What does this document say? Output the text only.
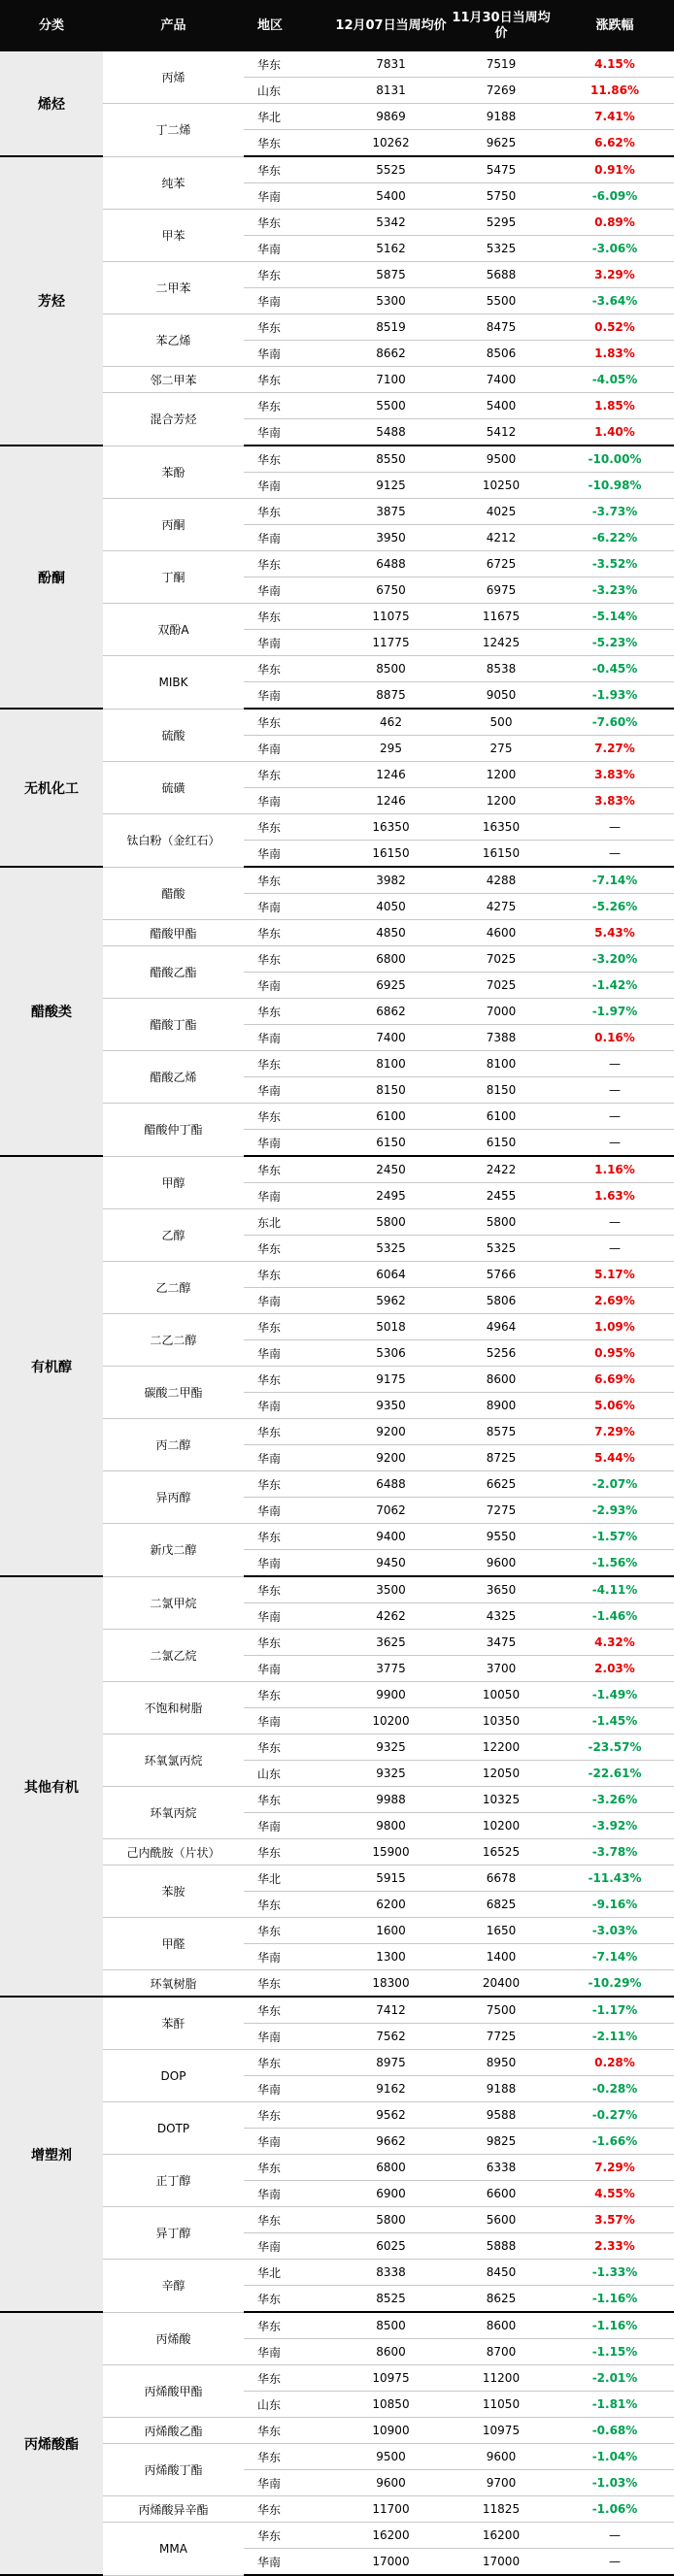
分类	产品	地区	12月07日当周均价	11月30日当周均价	涨跌幅
烯烃	丙烯	华东	7831	7519	4.15%
		山东	8131	7269	11.86%
	丁二烯	华北	9869	9188	7.41%
		华东	10262	9625	6.62%
芳烃	纯苯	华东	5525	5475	0.91%
		华南	5400	5750	-6.09%
	甲苯	华东	5342	5295	0.89%
		华南	5162	5325	-3.06%
	二甲苯	华东	5875	5688	3.29%
		华南	5300	5500	-3.64%
	苯乙烯	华东	8519	8475	0.52%
		华南	8662	8506	1.83%
	邻二甲苯	华东	7100	7400	-4.05%
	混合芳烃	华东	5500	5400	1.85%
		华南	5488	5412	1.40%
酚酮	苯酚	华东	8550	9500	-10.00%
		华南	9125	10250	-10.98%
	丙酮	华东	3875	4025	-3.73%
		华南	3950	4212	-6.22%
	丁酮	华东	6488	6725	-3.52%
		华南	6750	6975	-3.23%
	双酚A	华东	11075	11675	-5.14%
		华南	11775	12425	-5.23%
	MIBK	华东	8500	8538	-0.45%
		华南	8875	9050	-1.93%
无机化工	硫酸	华东	462	500	-7.60%
		华南	295	275	7.27%
	硫磺	华东	1246	1200	3.83%
		华南	1246	1200	3.83%
	钛白粉（金红石）	华东	16350	16350	—
		华南	16150	16150	—
醋酸类	醋酸	华东	3982	4288	-7.14%
		华南	4050	4275	-5.26%
	醋酸甲酯	华东	4850	4600	5.43%
	醋酸乙酯	华东	6800	7025	-3.20%
		华南	6925	7025	-1.42%
	醋酸丁酯	华东	6862	7000	-1.97%
		华南	7400	7388	0.16%
	醋酸乙烯	华东	8100	8100	—
		华南	8150	8150	—
	醋酸仲丁酯	华东	6100	6100	—
		华南	6150	6150	—
有机醇	甲醇	华东	2450	2422	1.16%
		华南	2495	2455	1.63%
	乙醇	东北	5800	5800	—
		华东	5325	5325	—
	乙二醇	华东	6064	5766	5.17%
		华南	5962	5806	2.69%
	二乙二醇	华东	5018	4964	1.09%
		华南	5306	5256	0.95%
	碳酸二甲酯	华东	9175	8600	6.69%
		华南	9350	8900	5.06%
	丙二醇	华东	9200	8575	7.29%
		华南	9200	8725	5.44%
	异丙醇	华东	6488	6625	-2.07%
		华南	7062	7275	-2.93%
	新戊二醇	华东	9400	9550	-1.57%
		华南	9450	9600	-1.56%
其他有机	二氯甲烷	华东	3500	3650	-4.11%
		华南	4262	4325	-1.46%
	二氯乙烷	华东	3625	3475	4.32%
		华南	3775	3700	2.03%
	不饱和树脂	华东	9900	10050	-1.49%
		华南	10200	10350	-1.45%
	环氧氯丙烷	华东	9325	12200	-23.57%
		山东	9325	12050	-22.61%
	环氧丙烷	华东	9988	10325	-3.26%
		华南	9800	10200	-3.92%
	己内酰胺（片状）	华东	15900	16525	-3.78%
	苯胺	华北	5915	6678	-11.43%
		华东	6200	6825	-9.16%
	甲醛	华东	1600	1650	-3.03%
		华南	1300	1400	-7.14%
	环氧树脂	华东	18300	20400	-10.29%
增塑剂	苯酐	华东	7412	7500	-1.17%
		华南	7562	7725	-2.11%
	DOP	华东	8975	8950	0.28%
		华南	9162	9188	-0.28%
	DOTP	华东	9562	9588	-0.27%
		华南	9662	9825	-1.66%
	正丁醇	华东	6800	6338	7.29%
		华南	6900	6600	4.55%
	异丁醇	华东	5800	5600	3.57%
		华南	6025	5888	2.33%
	辛醇	华北	8338	8450	-1.33%
		华东	8525	8625	-1.16%
丙烯酸酯	丙烯酸	华东	8500	8600	-1.16%
		华南	8600	8700	-1.15%
	丙烯酸甲酯	华东	10975	11200	-2.01%
		山东	10850	11050	-1.81%
	丙烯酸乙酯	华东	10900	10975	-0.68%
	丙烯酸丁酯	华东	9500	9600	-1.04%
		华南	9600	9700	-1.03%
	丙烯酸异辛酯	华东	11700	11825	-1.06%
	MMA	华东	16200	16200	—
		华南	17000	17000	—
